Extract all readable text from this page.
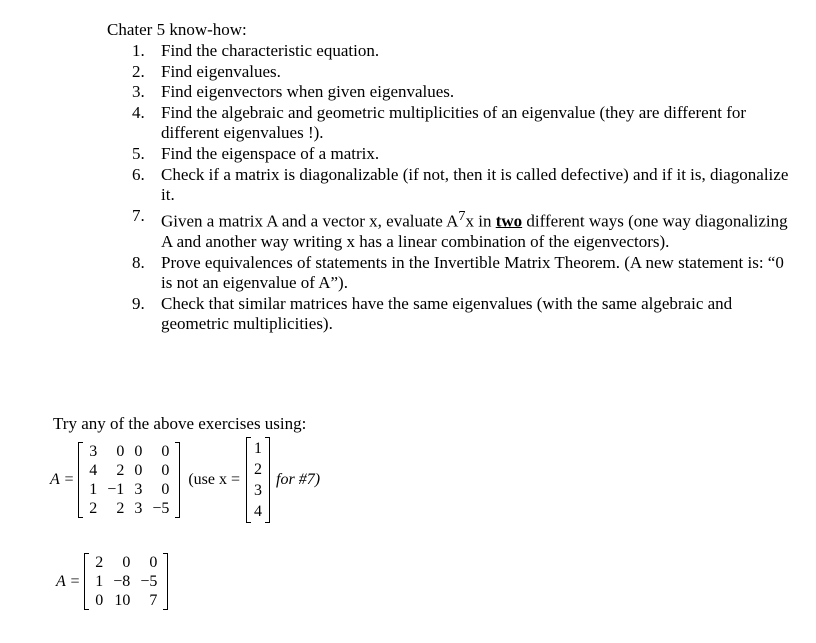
Chater 5 know-how:
1. Find the characteristic equation.
2. Find eigenvalues.
3. Find eigenvectors when given eigenvalues.
4. Find the algebraic and geometric multiplicities of an eigenvalue (they are different for different eigenvalues !).
5. Find the eigenspace of a matrix.
6. Check if a matrix is diagonalizable (if not, then it is called defective) and if it is, diagonalize it.
7. Given a matrix A and a vector x, evaluate $A^7x$ in two different ways (one way diagonalizing A and another way writing x has a linear combination of the eigenvectors).
8. Prove equivalences of statements in the Invertible Matrix Theorem. (A new statement is: “0 is not an eigenvalue of A”).
9. Check that similar matrices have the same eigenvalues (with the same algebraic and geometric multiplicities).
Try any of the above exercises using:
A =
3	0	0	0
4	2	0	0
1	−1	3	0
2	2	3	−5
(use x =
1
2
3
4
for #7)
A =
2	0	0
1	−8	−5
0	10	7
